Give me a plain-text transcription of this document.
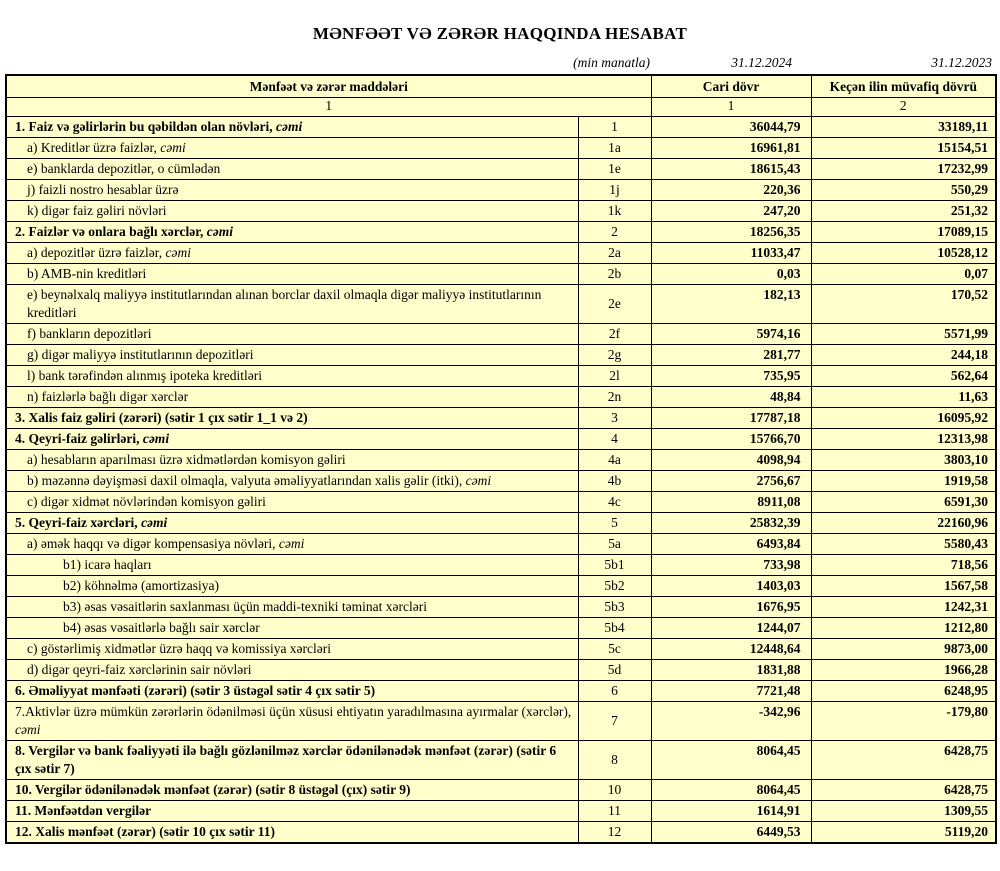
MƏNFƏƏT VƏ ZƏRƏR HAQQINDA HESABAT
(min manatla)	31.12.2024	31.12.2023
Mənfəət və zərər maddələri		Cari dövr	Keçən ilin müvafiq dövrü
1		1	2
1. Faiz və gəlirlərin bu qəbildən olan növləri, cəmi	1	36044,79	33189,11
a) Kreditlər üzrə faizlər, cəmi	1a	16961,81	15154,51
e) banklarda depozitlər, o cümlədən	1e	18615,43	17232,99
j) faizli nostro hesablar üzrə	1j	220,36	550,29
k) digər faiz gəliri növləri	1k	247,20	251,32
2. Faizlər və onlara bağlı xərclər, cəmi	2	18256,35	17089,15
a) depozitlər üzrə faizlər, cəmi	2a	11033,47	10528,12
b) AMB-nin kreditləri	2b	0,03	0,07
e) beynəlxalq maliyyə institutlarından alınan borclar daxil olmaqla digər maliyyə institutlarının kreditləri	2e	182,13	170,52
f) bankların depozitləri	2f	5974,16	5571,99
g) digər maliyyə institutlarının depozitləri	2g	281,77	244,18
l) bank tərəfindən alınmış ipoteka kreditləri	2l	735,95	562,64
n) faizlərlə bağlı digər xərclər	2n	48,84	11,63
3. Xalis faiz gəliri (zərəri) (sətir 1 çıx sətir 1_1 və 2)	3	17787,18	16095,92
4. Qeyri-faiz gəlirləri, cəmi	4	15766,70	12313,98
a) hesabların aparılması üzrə xidmətlərdən komisyon gəliri	4a	4098,94	3803,10
b) məzənnə dəyişməsi daxil olmaqla, valyuta əməliyyatlarından xalis gəlir (itki), cəmi	4b	2756,67	1919,58
c) digər xidmət növlərindən komisyon gəliri	4c	8911,08	6591,30
5. Qeyri-faiz xərcləri, cəmi	5	25832,39	22160,96
a) əmək haqqı və digər kompensasiya növləri, cəmi	5a	6493,84	5580,43
b1) icarə haqları	5b1	733,98	718,56
b2) köhnəlmə (amortizasiya)	5b2	1403,03	1567,58
b3) əsas vəsaitlərin saxlanması üçün maddi-texniki təminat xərcləri	5b3	1676,95	1242,31
b4) əsas vəsaitlərlə bağlı sair xərclər	5b4	1244,07	1212,80
c) göstərlimiş xidmətlər üzrə haqq və komissiya xərcləri	5c	12448,64	9873,00
d) digər qeyri-faiz xərclərinin sair növləri	5d	1831,88	1966,28
6. Əməliyyat mənfəəti (zərəri) (sətir 3 üstəgəl sətir 4 çıx sətir 5)	6	7721,48	6248,95
7.Aktivlər üzrə mümkün zərərlərin ödənilməsi üçün xüsusi ehtiyatın yaradılmasına ayırmalar (xərclər), cəmi	7	-342,96	-179,80
8. Vergilər və bank fəaliyyəti ilə bağlı gözlənilməz xərclər ödənilənədək mənfəət (zərər) (sətir 6 çıx sətir 7)	8	8064,45	6428,75
10. Vergilər ödənilənədək mənfəət (zərər) (sətir 8 üstəgəl (çıx) sətir 9)	10	8064,45	6428,75
11. Mənfəətdən vergilər	11	1614,91	1309,55
12. Xalis mənfəət (zərər) (sətir 10 çıx sətir 11)	12	6449,53	5119,20
